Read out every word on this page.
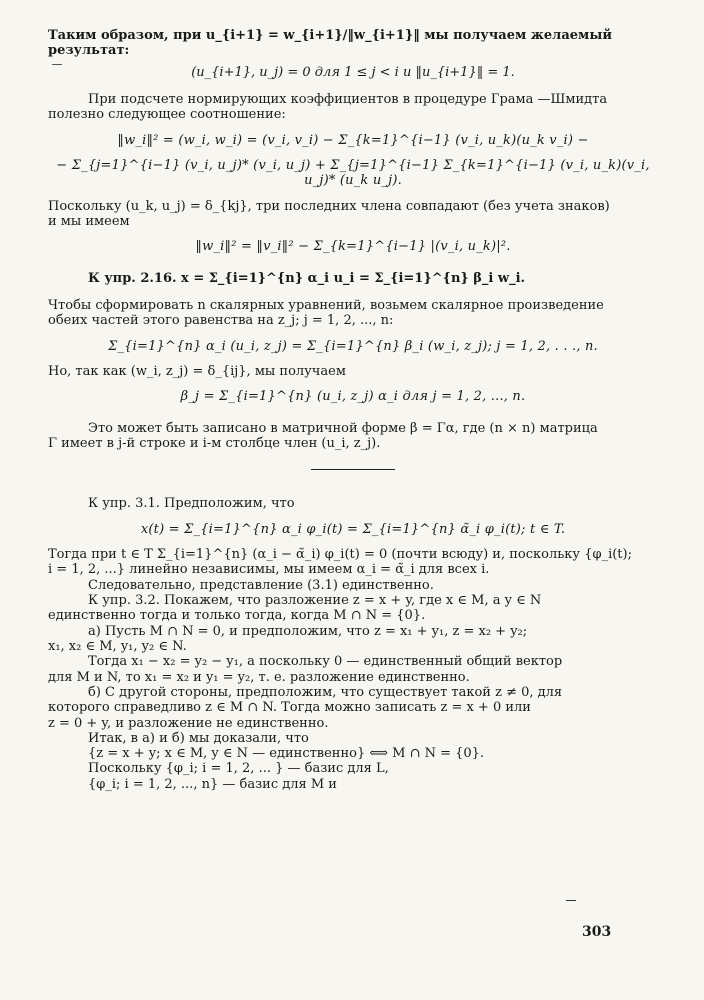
Таким образом, при u_{i+1} = w_{i+1}/‖w_{i+1}‖ мы получаем желаемый результат:

(u_{i+1}, u_j) = 0 для 1 ≤ j < i и ‖u_{i+1}‖ = 1.

При подсчете нормирующих коэффициентов в процедуре Грама —Шмидта

полезно следующее соотношение:

‖w_i‖² = (w_i, w_i) = (v_i, v_i) − Σ_{k=1}^{i−1} (v_i, u_k)(u_k v_i) −

− Σ_{j=1}^{i−1} (v_i, u_j)* (v_i, u_j) + Σ_{j=1}^{i−1} Σ_{k=1}^{i−1} (v_i, u_k)(v_i, u_j)* (u_k u_j).

Поскольку (u_k, u_j) = δ_{kj}, три последних члена совпадают (без учета знаков)

и мы имеем

‖w_i‖² = ‖v_i‖² − Σ_{k=1}^{i−1} |(v_i, u_k)|².

К упр. 2.16. x = Σ_{i=1}^{n} α_i u_i = Σ_{i=1}^{n} β_i w_i.

Чтобы сформировать n скалярных уравнений, возьмем скалярное произведение

обеих частей этого равенства на z_j; j = 1, 2, ..., n:

Σ_{i=1}^{n} α_i (u_i, z_j) = Σ_{i=1}^{n} β_i (w_i, z_j); j = 1, 2, . . ., n.

Но, так как (w_i, z_j) = δ_{ij}, мы получаем

β_j = Σ_{i=1}^{n} (u_i, z_j) α_i для j = 1, 2, ..., n.

Это может быть записано в матричной форме β = Γα, где (n × n) матрица

Γ имеет в j-й строке и i-м столбце член (u_i, z_j).

К упр. 3.1. Предположим, что

x(t) = Σ_{i=1}^{n} α_i φ_i(t) = Σ_{i=1}^{n} α̃_i φ_i(t); t ∈ T.

Тогда при t ∈ T Σ_{i=1}^{n} (α_i − α̃_i) φ_i(t) = 0 (почти всюду) и, поскольку {φ_i(t);

i = 1, 2, ...} линейно независимы, мы имеем α_i = α̃_i для всех i.

Следовательно, представление (3.1) единственно.

К упр. 3.2. Покажем, что разложение z = x + y, где x ∈ M, а y ∈ N

единственно тогда и только тогда, когда M ∩ N = {0}.

а) Пусть M ∩ N = 0, и предположим, что z = x₁ + y₁, z = x₂ + y₂;

x₁, x₂ ∈ M, y₁, y₂ ∈ N.

Тогда x₁ − x₂ = y₂ − y₁, а поскольку 0 — единственный общий вектор

для M и N, то x₁ = x₂ и y₁ = y₂, т. е. разложение единственно.

б) С другой стороны, предположим, что существует такой z ≠ 0, для

которого справедливо z ∈ M ∩ N. Тогда можно записать z = x + 0 или

z = 0 + y, и разложение не единственно.

Итак, в а) и б) мы доказали, что

{z = x + y; x ∈ M, y ∈ N — единственно} ⟺ M ∩ N = {0}.

Поскольку {φ_i; i = 1, 2, ... } — базис для L,

{φ_i; i = 1, 2, ..., n} — базис для M и

303
